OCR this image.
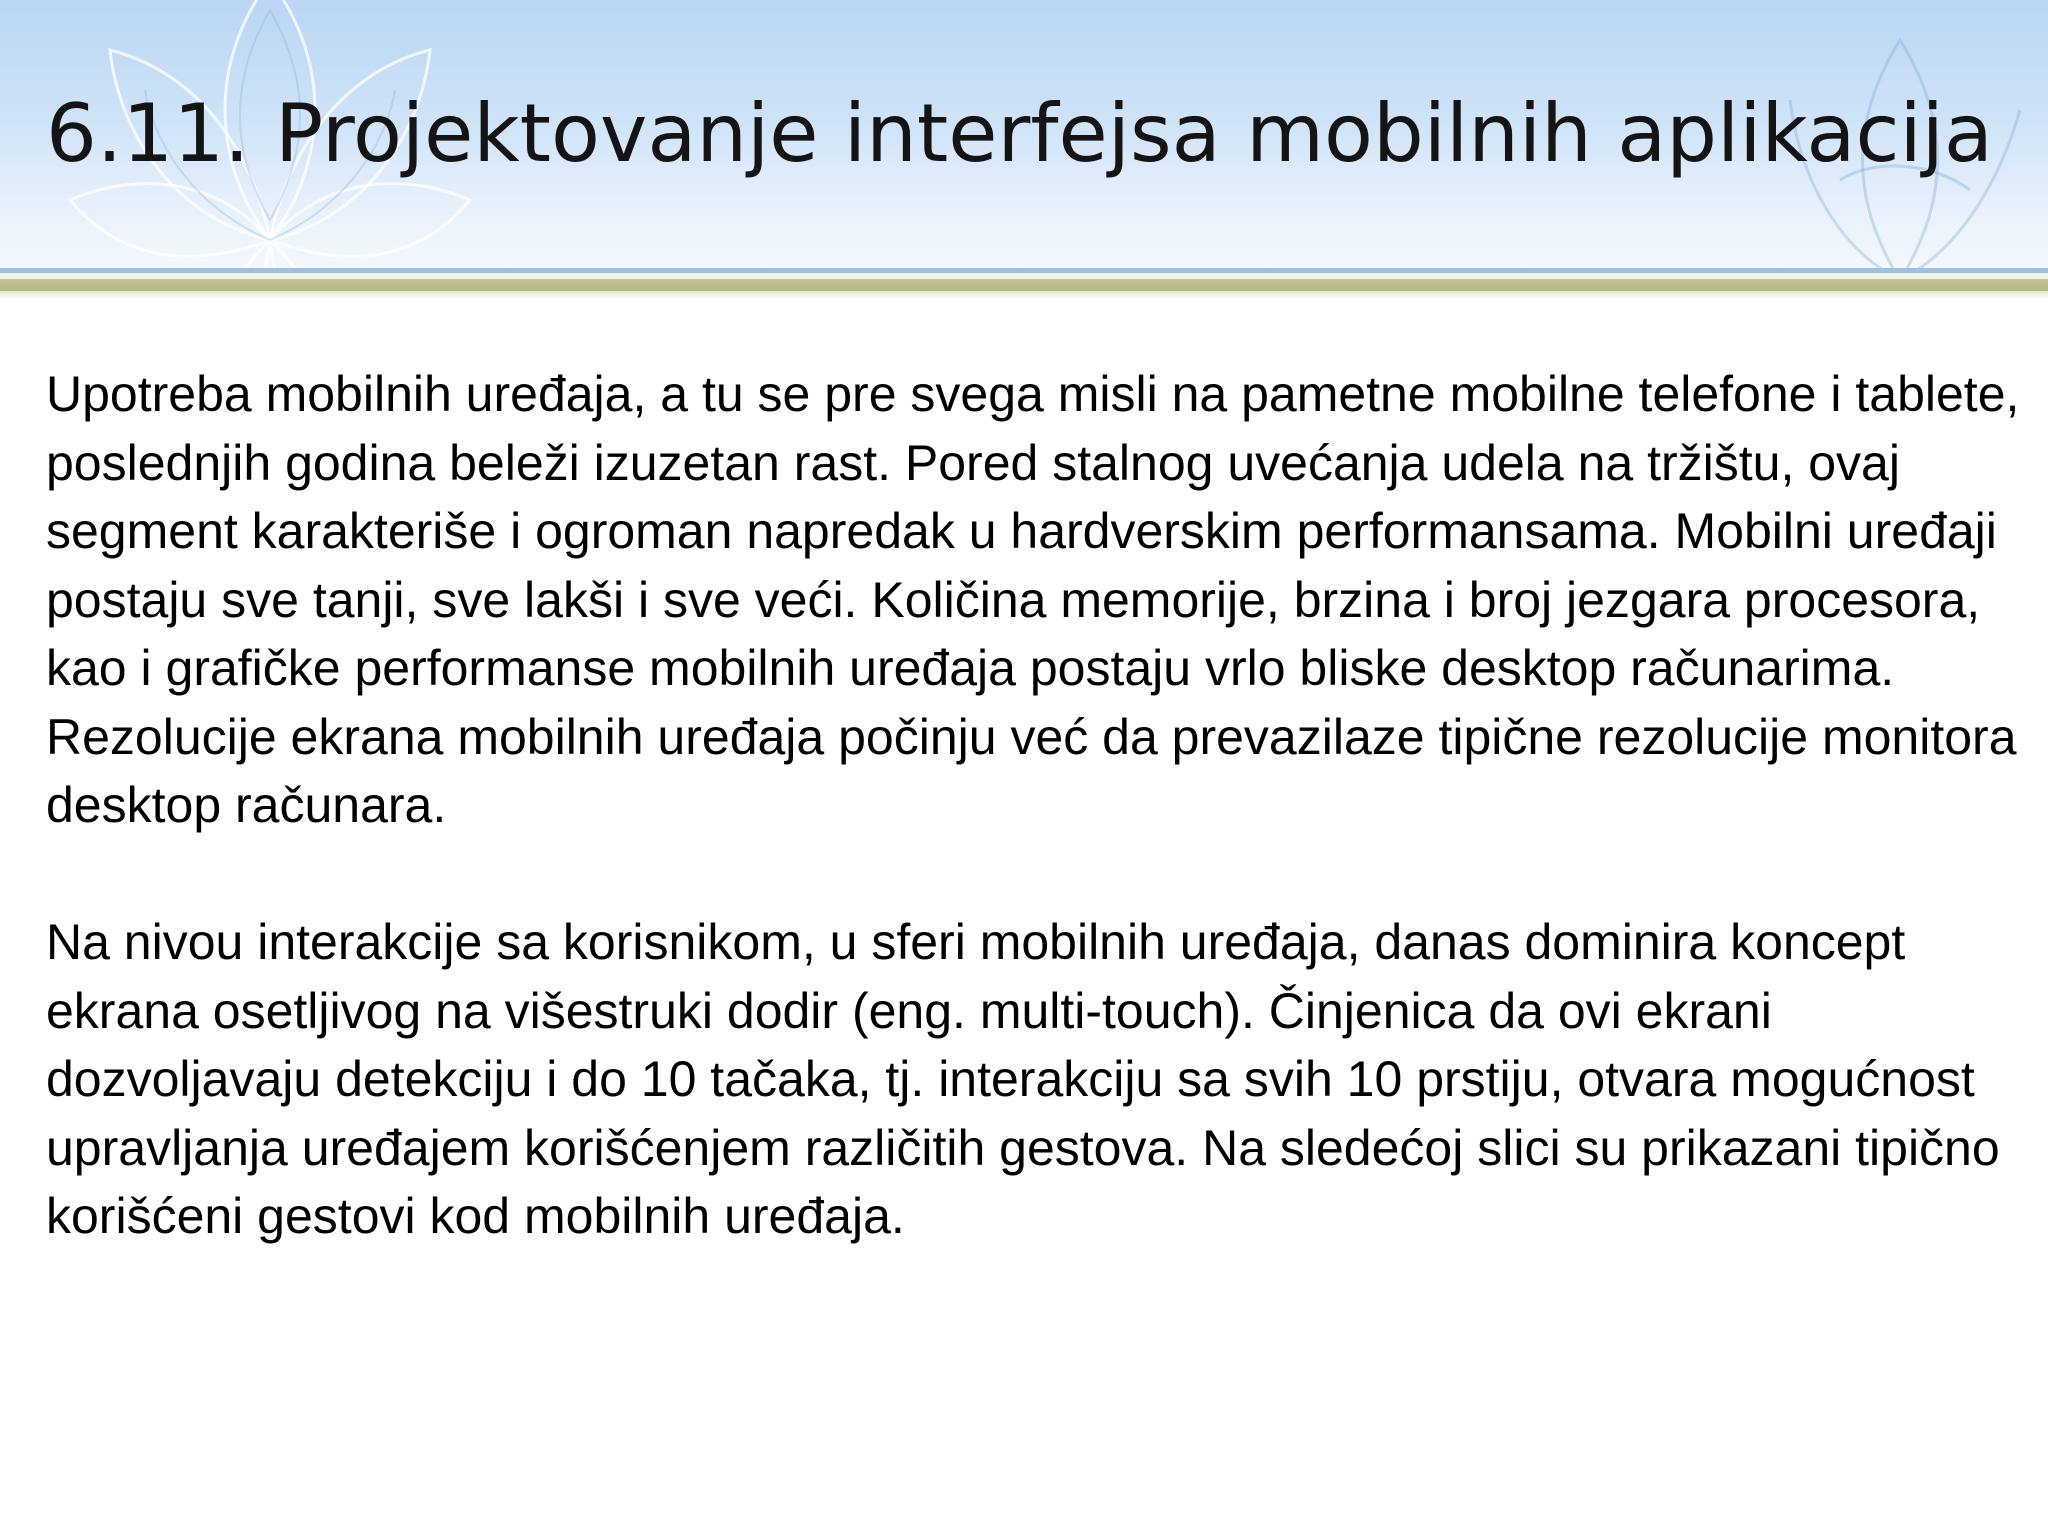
6.11. Projektovanje interfejsa mobilnih aplikacija

Upotreba mobilnih uređaja, a tu se pre svega misli na pametne mobilne telefone i tablete, poslednjih godina beleži izuzetan rast. Pored stalnog uvećanja udela na tržištu, ovaj segment karakteriše i ogroman napredak u hardverskim performansama. Mobilni uređaji postaju sve tanji, sve lakši i sve veći. Količina memorije, brzina i broj jezgara procesora, kao i grafičke performanse mobilnih uređaja postaju vrlo bliske desktop računarima. Rezolucije ekrana mobilnih uređaja počinju već da prevazilaze tipične rezolucije monitora desktop računara.

Na nivou interakcije sa korisnikom, u sferi mobilnih uređaja, danas dominira koncept ekrana osetljivog na višestruki dodir (eng. multi-touch). Činjenica da ovi ekrani dozvoljavaju detekciju i do 10 tačaka, tj. interakciju sa svih 10 prstiju, otvara mogućnost upravljanja uređajem korišćenjem različitih gestova. Na sledećoj slici su prikazani tipično korišćeni gestovi kod mobilnih uređaja.
